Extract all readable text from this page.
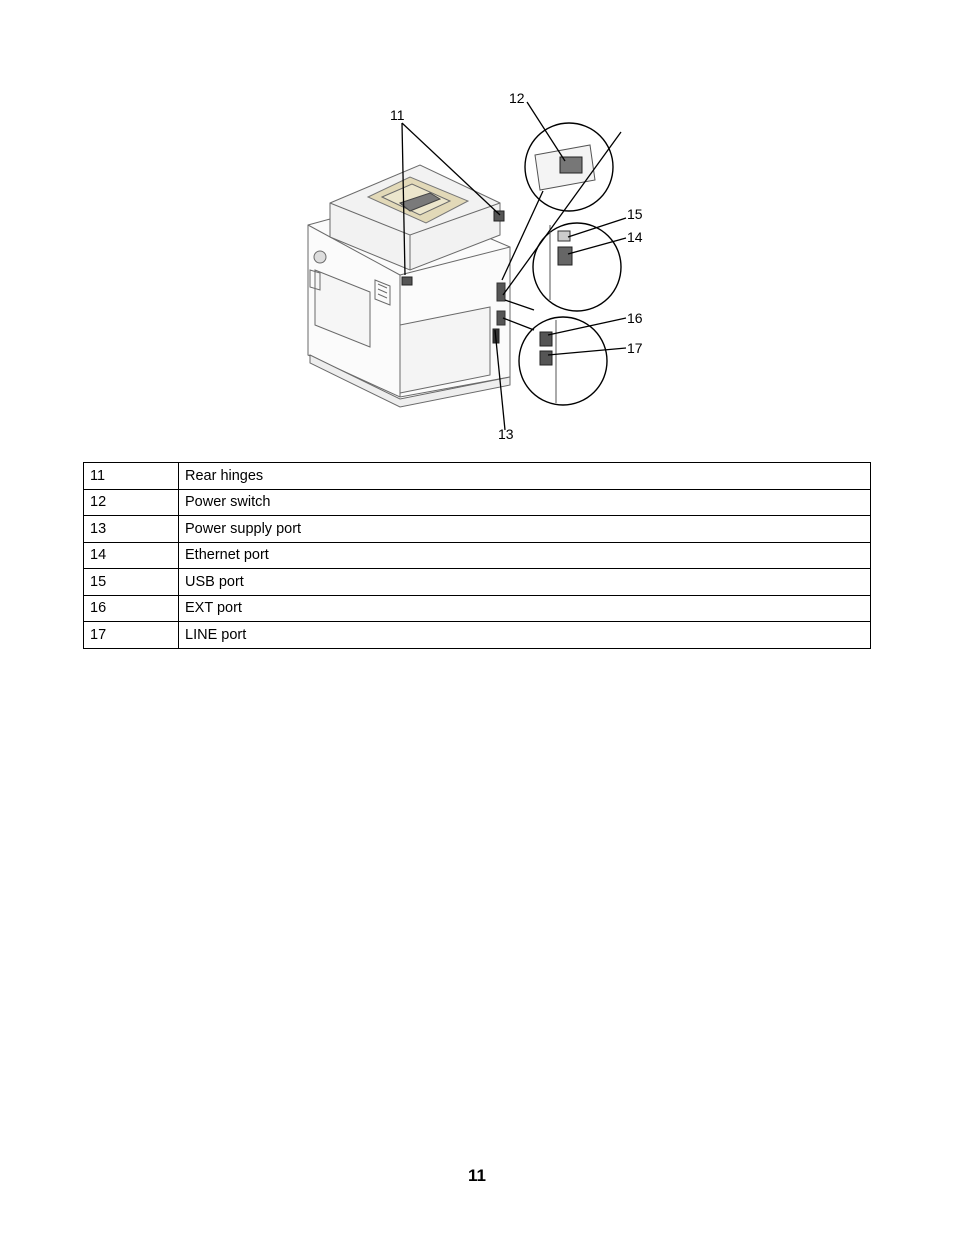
11
12
13
14
15
16
17
11	Rear hinges
12	Power switch
13	Power supply port
14	Ethernet port
15	USB port
16	EXT port
17	LINE port
11
